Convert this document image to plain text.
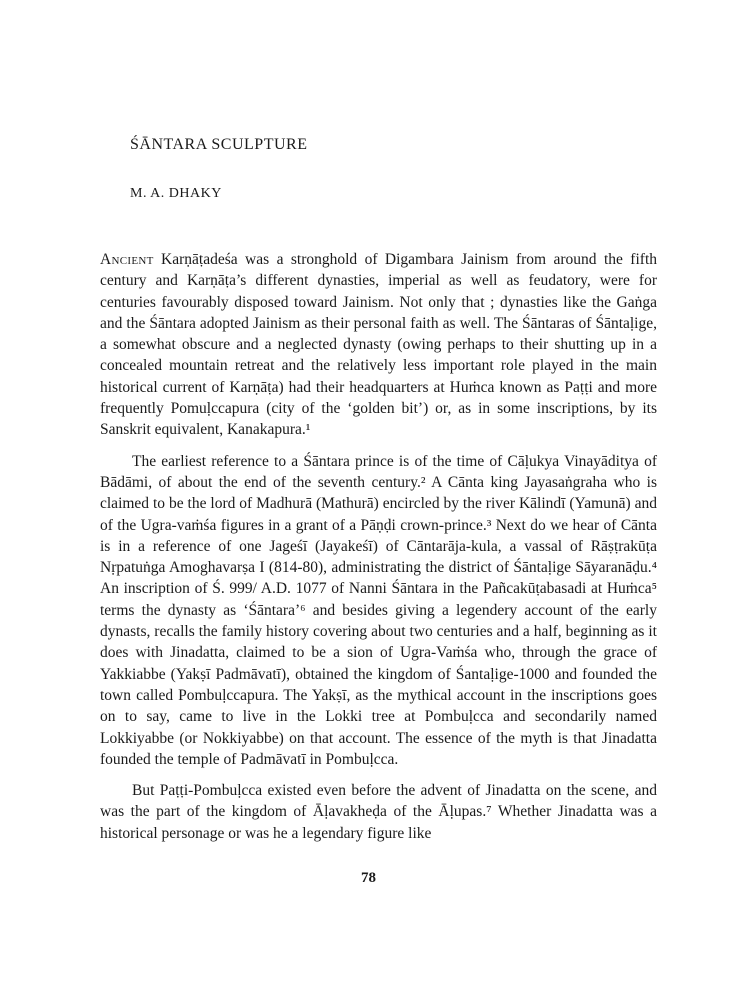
ŚĀNTARA SCULPTURE
M. A. DHAKY

Ancient Karṇāṭadeśa was a stronghold of Digambara Jainism from around the fifth century and Karṇāṭa’s different dynasties, imperial as well as feudatory, were for centuries favourably disposed toward Jainism. Not only that ; dynasties like the Gaṅga and the Śāntara adopted Jainism as their personal faith as well. The Śāntaras of Śāntaḷige, a somewhat obscure and a neglected dynasty (owing perhaps to their shutting up in a concealed mountain retreat and the relatively less important role played in the main historical current of Karṇāṭa) had their headquarters at Huṁca known as Paṭṭi and more frequently Pomuḷccapura (city of the ‘golden bit’) or, as in some inscriptions, by its Sanskrit equivalent, Kanakapura.¹

The earliest reference to a Śāntara prince is of the time of Cāḷukya Vinayāditya of Bādāmi, of about the end of the seventh century.² A Cānta king Jayasaṅgraha who is claimed to be the lord of Madhurā (Mathurā) encircled by the river Kālindī (Yamunā) and of the Ugra-vaṁśa figures in a grant of a Pāṇḍi crown-prince.³ Next do we hear of Cānta is in a reference of one Jageśī (Jayakeśī) of Cāntarāja-kula, a vassal of Rāṣṭrakūṭa Nṛpatuṅga Amoghavarṣa I (814-80), administrating the district of Śāntaḷige Sāyaranāḍu.⁴ An inscription of Ś. 999/ A.D. 1077 of Nanni Śāntara in the Pañcakūṭabasadi at Huṁca⁵ terms the dynasty as ‘Śāntara’⁶ and besides giving a legendery account of the early dynasts, recalls the family history covering about two centuries and a half, beginning as it does with Jinadatta, claimed to be a sion of Ugra-Vaṁśa who, through the grace of Yakkiabbe (Yakṣī Padmāvatī), obtained the kingdom of Śantaḷige-1000 and founded the town called Pombuḷccapura. The Yakṣī, as the mythical account in the inscriptions goes on to say, came to live in the Lokki tree at Pombuḷcca and secondarily named Lokkiyabbe (or Nokkiyabbe) on that account. The essence of the myth is that Jinadatta founded the temple of Padmāvatī in Pombuḷcca.

But Paṭṭi-Pombuḷcca existed even before the advent of Jinadatta on the scene, and was the part of the kingdom of Āḷavakheḍa of the Āḷupas.⁷ Whether Jinadatta was a historical personage or was he a legendary figure like

78
